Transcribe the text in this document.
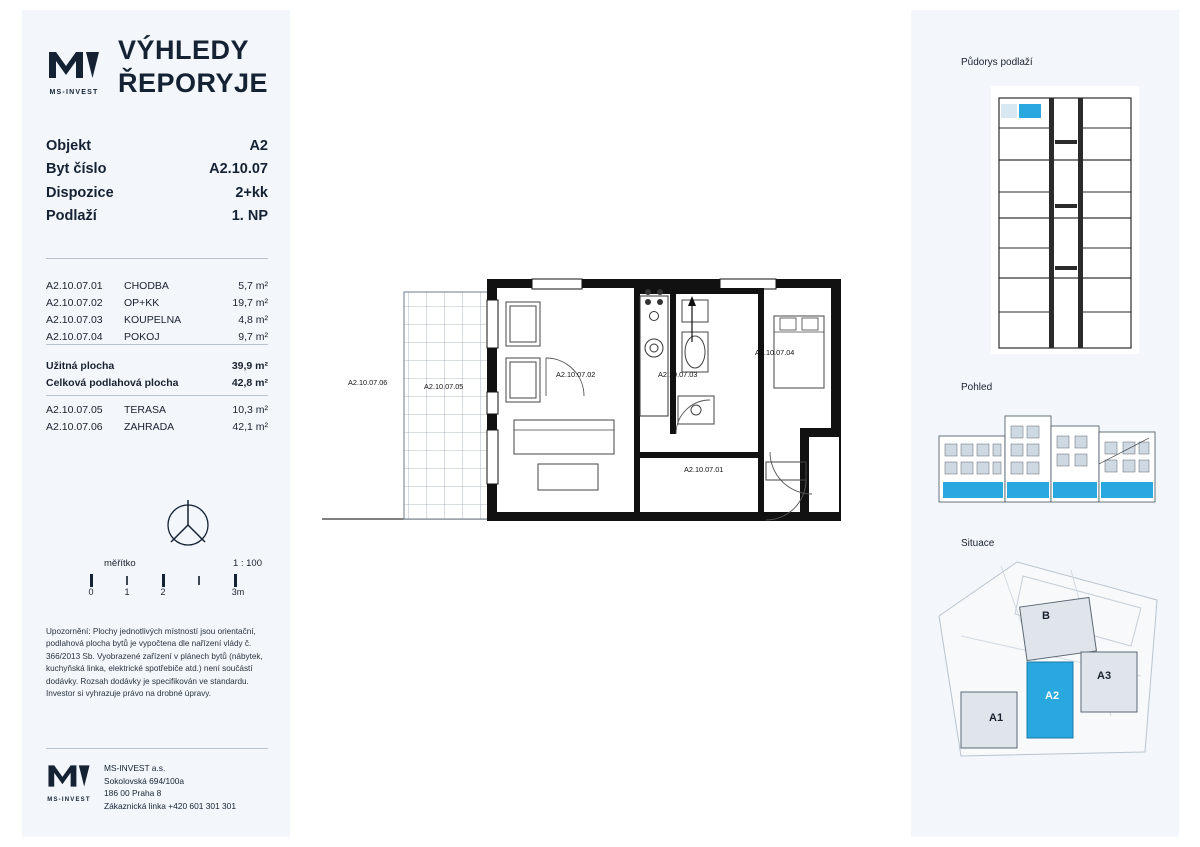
MS-INVEST
VÝHLEDY
ŘEPORYJE
Objekt	A2
Byt číslo	A2.10.07
Dispozice	2+kk
Podlaží	1. NP
A2.10.07.01	CHODBA	5,7 m²
A2.10.07.02	OP+KK	19,7 m²
A2.10.07.03	KOUPELNA	4,8 m²
A2.10.07.04	POKOJ	9,7 m²
Užitná plocha	39,9 m²
Celková podlahová plocha	42,8 m²
A2.10.07.05	TERASA	10,3 m²
A2.10.07.06	ZAHRADA	42,1 m²
měřítko	1 : 100
0	1	2	3m
Upozornění: Plochy jednotlivých místností jsou orientační, podlahová plocha bytů je vypočtena dle nařízení vlády č. 366/2013 Sb. Vyobrazené zařízení v plánech bytů (nábytek, kuchyňská linka, elektrické spotřebiče atd.) není součástí dodávky. Rozsah dodávky je specifikován ve standardu. Investor si vyhrazuje právo na drobné úpravy.
MS-INVEST
MS-INVEST a.s.
Sokolovská 694/100a
186 00 Praha 8
Zákaznická linka +420 601 301 301
A2.10.07.06	A2.10.07.05
A2.10.07.02	A2.10.07.03
A2.10.07.04
A2.10.07.01
Půdorys podlaží
Pohled
Situace
B
A3
A2
A1
